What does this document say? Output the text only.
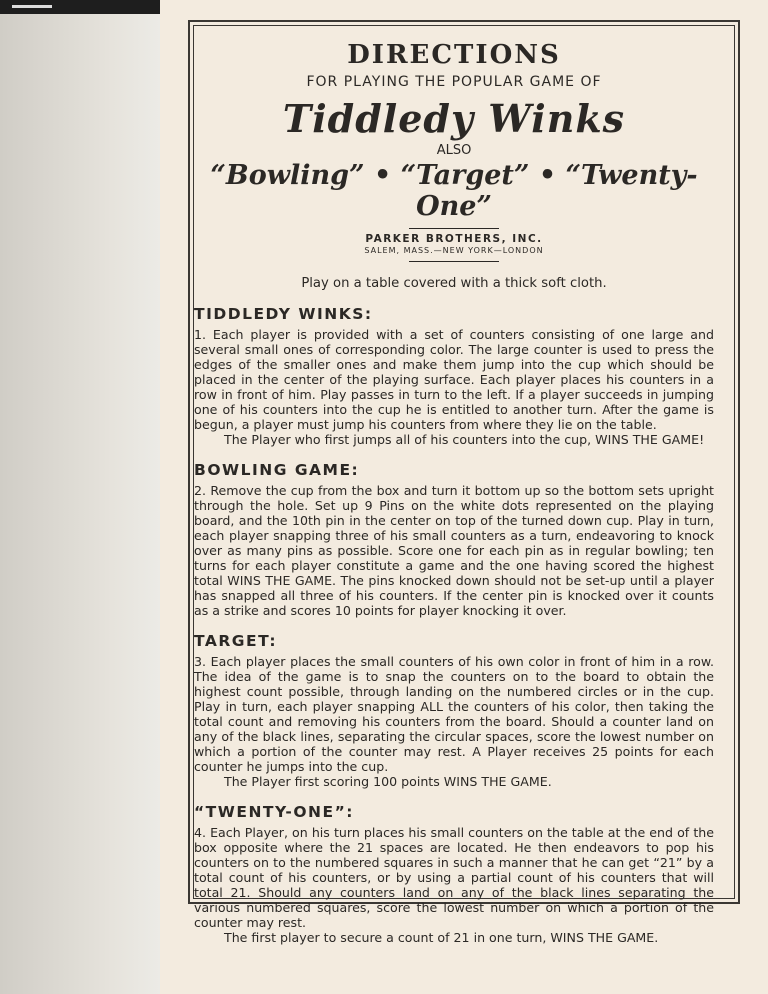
DIRECTIONS
FOR PLAYING THE POPULAR GAME OF
Tiddledy Winks
ALSO
“Bowling” • “Target” • “Twenty-One”
PARKER BROTHERS, INC.
SALEM, MASS.—NEW YORK—LONDON
Play on a table covered with a thick soft cloth.
TIDDLEDY WINKS:

1. Each player is provided with a set of counters consisting of one large and several small ones of corresponding color. The large counter is used to press the edges of the smaller ones and make them jump into the cup which should be placed in the center of the playing surface. Each player places his counters in a row in front of him. Play passes in turn to the left. If a player succeeds in jumping one of his counters into the cup he is entitled to another turn. After the game is begun, a player must jump his counters from where they lie on the table.

The Player who first jumps all of his counters into the cup, WINS THE GAME!

BOWLING GAME:

2. Remove the cup from the box and turn it bottom up so the bottom sets upright through the hole. Set up 9 Pins on the white dots represented on the playing board, and the 10th pin in the center on top of the turned down cup. Play in turn, each player snapping three of his small counters as a turn, endeavoring to knock over as many pins as possible. Score one for each pin as in regular bowling; ten turns for each player constitute a game and the one having scored the highest total WINS THE GAME. The pins knocked down should not be set-up until a player has snapped all three of his counters. If the center pin is knocked over it counts as a strike and scores 10 points for player knocking it over.

TARGET:

3. Each player places the small counters of his own color in front of him in a row. The idea of the game is to snap the counters on to the board to obtain the highest count possible, through landing on the numbered circles or in the cup. Play in turn, each player snapping ALL the counters of his color, then taking the total count and removing his counters from the board. Should a counter land on any of the black lines, separating the circular spaces, score the lowest number on which a portion of the counter may rest. A Player receives 25 points for each counter he jumps into the cup.

The Player first scoring 100 points WINS THE GAME.

“TWENTY-ONE”:

4. Each Player, on his turn places his small counters on the table at the end of the box opposite where the 21 spaces are located. He then endeavors to pop his counters on to the numbered squares in such a manner that he can get “21” by a total count of his counters, or by using a partial count of his counters that will total 21. Should any counters land on any of the black lines separating the various numbered squares, score the lowest number on which a portion of the counter may rest.

The first player to secure a count of 21 in one turn, WINS THE GAME.
